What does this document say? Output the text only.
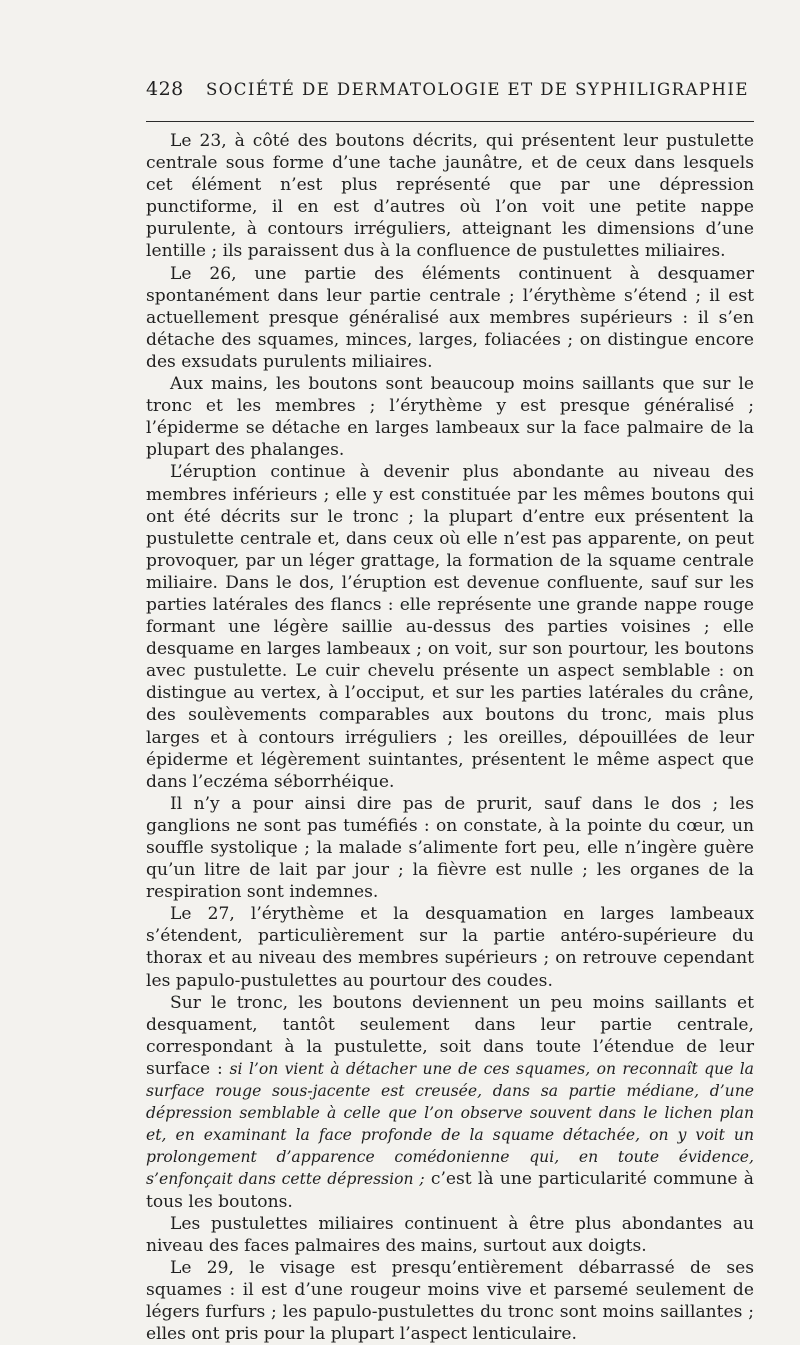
428 SOCIÉTÉ DE DERMATOLOGIE ET DE SYPHILIGRAPHIE

Le 23, à côté des boutons décrits, qui présentent leur pustulette centrale sous forme d’une tache jaunâtre, et de ceux dans lesquels cet élément n’est plus représenté que par une dépression punctiforme, il en est d’autres où l’on voit une petite nappe purulente, à contours irréguliers, atteignant les dimensions d’une lentille ; ils paraissent dus à la confluence de pustulettes miliaires.

Le 26, une partie des éléments continuent à desquamer spontanément dans leur partie centrale ; l’érythème s’étend ; il est actuellement presque généralisé aux membres supérieurs : il s’en détache des squames, minces, larges, foliacées ; on distingue encore des exsudats purulents miliaires.

Aux mains, les boutons sont beaucoup moins saillants que sur le tronc et les membres ; l’érythème y est presque généralisé ; l’épiderme se détache en larges lambeaux sur la face palmaire de la plupart des phalanges.

L’éruption continue à devenir plus abondante au niveau des membres inférieurs ; elle y est constituée par les mêmes boutons qui ont été décrits sur le tronc ; la plupart d’entre eux présentent la pustulette centrale et, dans ceux où elle n’est pas apparente, on peut provoquer, par un léger grattage, la formation de la squame centrale miliaire. Dans le dos, l’éruption est devenue confluente, sauf sur les parties latérales des flancs : elle représente une grande nappe rouge formant une légère saillie au-dessus des parties voisines ; elle desquame en larges lambeaux ; on voit, sur son pourtour, les boutons avec pustulette. Le cuir chevelu présente un aspect semblable : on distingue au vertex, à l’occiput, et sur les parties latérales du crâne, des soulèvements comparables aux boutons du tronc, mais plus larges et à contours irréguliers ; les oreilles, dépouillées de leur épiderme et légèrement suintantes, présentent le même aspect que dans l’eczéma séborrhéique.

Il n’y a pour ainsi dire pas de prurit, sauf dans le dos ; les ganglions ne sont pas tuméfiés : on constate, à la pointe du cœur, un souffle systolique ; la malade s’alimente fort peu, elle n’ingère guère qu’un litre de lait par jour ; la fièvre est nulle ; les organes de la respiration sont indemnes.

Le 27, l’érythème et la desquamation en larges lambeaux s’étendent, particulièrement sur la partie antéro-supérieure du thorax et au niveau des membres supérieurs ; on retrouve cependant les papulo-pustulettes au pourtour des coudes.

Sur le tronc, les boutons deviennent un peu moins saillants et desquament, tantôt seulement dans leur partie centrale, correspondant à la pustulette, soit dans toute l’étendue de leur surface : si l’on vient à détacher une de ces squames, on reconnaît que la surface rouge sous-jacente est creusée, dans sa partie médiane, d’une dépression semblable à celle que l’on observe souvent dans le lichen plan et, en examinant la face profonde de la squame détachée, on y voit un prolongement d’apparence comédonienne qui, en toute évidence, s’enfonçait dans cette dépression ; c’est là une particularité commune à tous les boutons.

Les pustulettes miliaires continuent à être plus abondantes au niveau des faces palmaires des mains, surtout aux doigts.

Le 29, le visage est presqu’entièrement débarrassé de ses squames : il est d’une rougeur moins vive et parsemé seulement de légers furfurs ; les papulo-pustulettes du tronc sont moins saillantes ; elles ont pris pour la plupart l’aspect lenticulaire.
